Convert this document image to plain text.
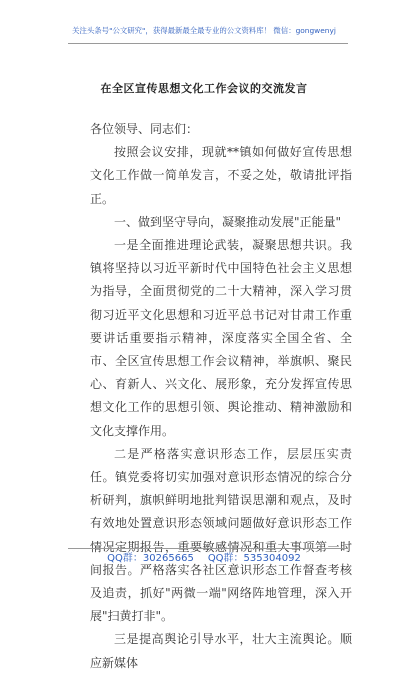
关注头条号"公文研究"，获得最新最全最专业的公文资料库！ 微信：gongwenyj
在全区宣传思想文化工作会议的交流发言

各位领导、同志们：

按照会议安排，现就**镇如何做好宣传思想文化工作做一简单发言，不妥之处，敬请批评指正。

一、做到坚守导向，凝聚推动发展"正能量"

一是全面推进理论武装，凝聚思想共识。我镇将坚持以习近平新时代中国特色社会主义思想为指导，全面贯彻党的二十大精神，深入学习贯彻习近平文化思想和习近平总书记对甘肃工作重要讲话重要指示精神，深度落实全国全省、全市、全区宣传思想工作会议精神，举旗帜、聚民心、育新人、兴文化、展形象，充分发挥宣传思想文化工作的思想引领、舆论推动、精神激励和文化支撑作用。

二是严格落实意识形态工作，层层压实责任。镇党委将切实加强对意识形态情况的综合分析研判，旗帜鲜明地批判错误思潮和观点，及时有效地处置意识形态领域问题做好意识形态工作情况定期报告，重要敏感情况和重大事项第一时间报告。严格落实各社区意识形态工作督查考核及追责，抓好"两微一端"网络阵地管理，深入开展"扫黄打非"。

三是提高舆论引导水平，壮大主流舆论。顺应新媒体

QQ群：30265665 QQ群：535304092
